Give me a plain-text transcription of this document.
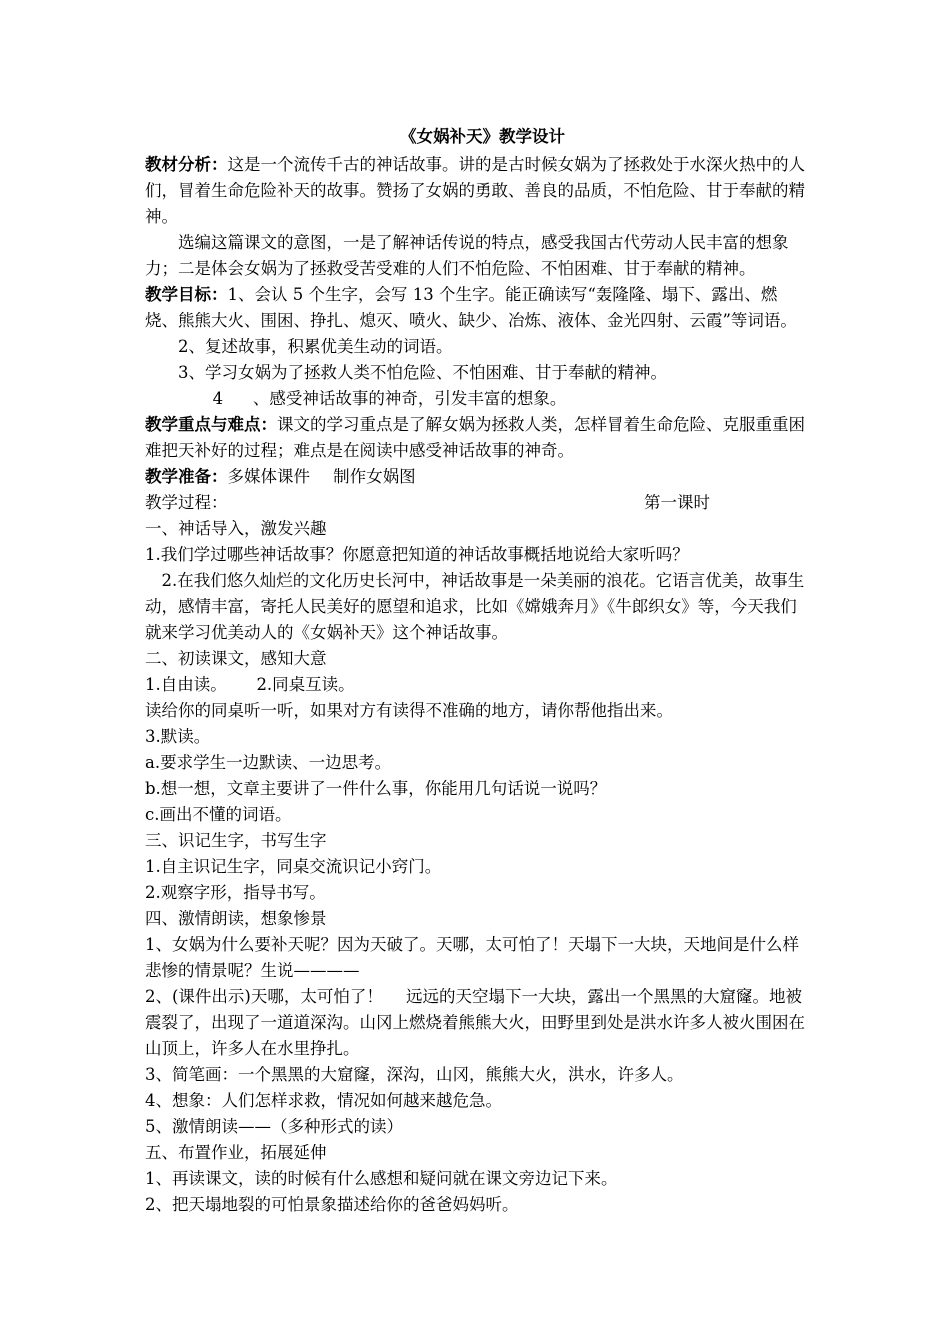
《女娲补天》教学设计

教材分析：这是一个流传千古的神话故事。讲的是古时候女娲为了拯救处于水深火热中的人们，冒着生命危险补天的故事。赞扬了女娲的勇敢、善良的品质，不怕危险、甘于奉献的精神。

选编这篇课文的意图，一是了解神话传说的特点，感受我国古代劳动人民丰富的想象力；二是体会女娲为了拯救受苦受难的人们不怕危险、不怕困难、甘于奉献的精神。

教学目标：1、会认 5 个生字，会写 13 个生字。能正确读写“轰隆隆、塌下、露出、燃烧、熊熊大火、围困、挣扎、熄灭、喷火、缺少、冶炼、液体、金光四射、云霞”等词语。

2、复述故事，积累优美生动的词语。

3、学习女娲为了拯救人类不怕危险、不怕困难、甘于奉献的精神。

4 、感受神话故事的神奇，引发丰富的想象。

教学重点与难点：课文的学习重点是了解女娲为拯救人类，怎样冒着生命危险、克服重重困难把天补好的过程；难点是在阅读中感受神话故事的神奇。

教学准备：多媒体课件 制作女娲图

教学过程：	第一课时

一、神话导入，激发兴趣

1.我们学过哪些神话故事？你愿意把知道的神话故事概括地说给大家听吗？

2.在我们悠久灿烂的文化历史长河中，神话故事是一朵美丽的浪花。它语言优美，故事生动，感情丰富，寄托人民美好的愿望和追求，比如《嫦娥奔月》《牛郎织女》等，今天我们就来学习优美动人的《女娲补天》这个神话故事。

二、初读课文，感知大意

1.自由读。 2.同桌互读。

读给你的同桌听一听，如果对方有读得不准确的地方，请你帮他指出来。

3.默读。

a.要求学生一边默读、一边思考。

b.想一想，文章主要讲了一件什么事，你能用几句话说一说吗？

c.画出不懂的词语。

三、识记生字，书写生字

1.自主识记生字，同桌交流识记小窍门。

2.观察字形，指导书写。

四、激情朗读，想象惨景

1、女娲为什么要补天呢？因为天破了。天哪，太可怕了！天塌下一大块，天地间是什么样悲惨的情景呢？生说————

2、(课件出示)天哪，太可怕了！ 远远的天空塌下一大块，露出一个黑黑的大窟窿。地被震裂了，出现了一道道深沟。山冈上燃烧着熊熊大火，田野里到处是洪水许多人被火围困在山顶上，许多人在水里挣扎。

3、简笔画：一个黑黑的大窟窿，深沟，山冈，熊熊大火，洪水，许多人。

4、想象：人们怎样求救，情况如何越来越危急。

5、激情朗读——（多种形式的读）

五、布置作业，拓展延伸

1、再读课文，读的时候有什么感想和疑问就在课文旁边记下来。

2、把天塌地裂的可怕景象描述给你的爸爸妈妈听。
